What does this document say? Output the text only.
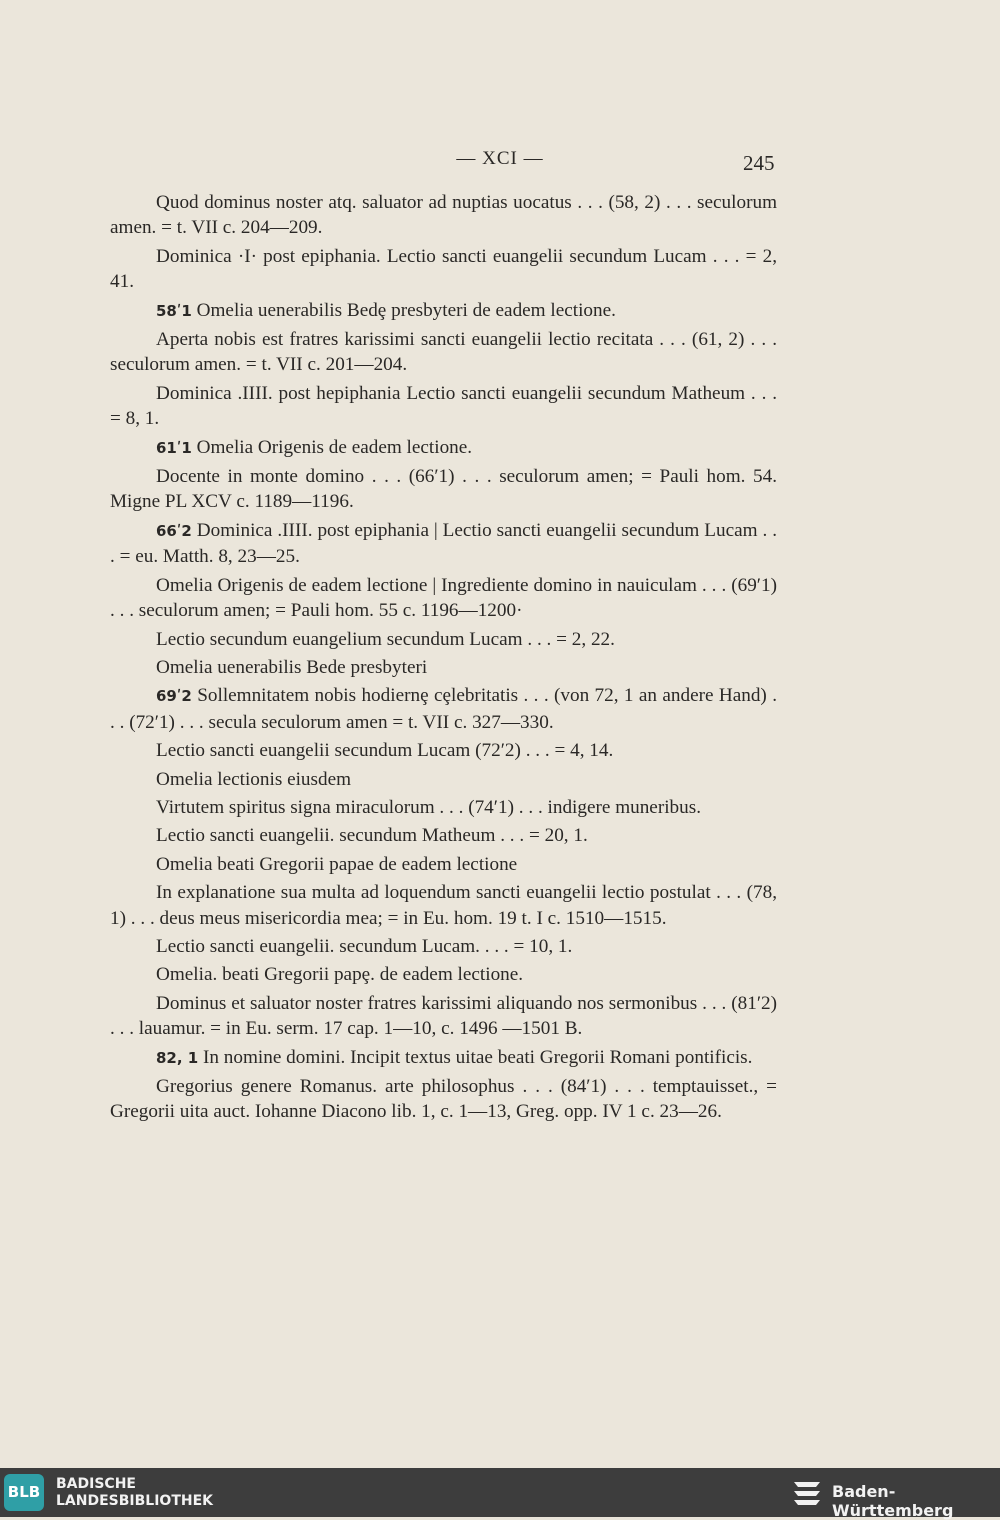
— XCI —	245
Quod dominus noster atq. saluator ad nuptias uocatus . . . (58, 2) . . . seculorum amen. = t. VII c. 204—209.
Dominica ·I· post epiphania. Lectio sancti euangelii secundum Lucam . . . = 2, 41.
58ʹ1 Omelia uenerabilis Bedȩ presbyteri de eadem lectione.
Aperta nobis est fratres karissimi sancti euangelii lectio recitata . . . (61, 2) . . . seculorum amen. = t. VII c. 201—204.
Dominica .IIII. post hepiphania Lectio sancti euangelii secundum Matheum . . . = 8, 1.
61ʹ1 Omelia Origenis de eadem lectione.
Docente in monte domino . . . (66ʹ1) . . . seculorum amen; = Pauli hom. 54. Migne PL XCV c. 1189—1196.
66ʹ2 Dominica .IIII. post epiphania | Lectio sancti euangelii secundum Lucam . . . = eu. Matth. 8, 23—25.
Omelia Origenis de eadem lectione | Ingrediente domino in nauiculam . . . (69ʹ1) . . . seculorum amen; = Pauli hom. 55 c. 1196—1200·
Lectio secundum euangelium secundum Lucam . . . = 2, 22.
Omelia uenerabilis Bede presbyteri
69ʹ2 Sollemnitatem nobis hodiernȩ cȩlebritatis . . . (von 72, 1 an andere Hand) . . . (72ʹ1) . . . secula seculorum amen = t. VII c. 327—330.
Lectio sancti euangelii secundum Lucam (72ʹ2) . . . = 4, 14.
Omelia lectionis eiusdem
Virtutem spiritus signa miraculorum . . . (74ʹ1) . . . indigere muneribus.
Lectio sancti euangelii. secundum Matheum . . . = 20, 1.
Omelia beati Gregorii papae de eadem lectione
In explanatione sua multa ad loquendum sancti euangelii lectio postulat . . . (78, 1) . . . deus meus misericordia mea; = in Eu. hom. 19 t. I c. 1510—1515.
Lectio sancti euangelii. secundum Lucam. . . . = 10, 1.
Omelia. beati Gregorii papȩ. de eadem lectione.
Dominus et saluator noster fratres karissimi aliquando nos sermonibus . . . (81ʹ2) . . . lauamur. = in Eu. serm. 17 cap. 1—10, c. 1496 —1501 B.
82, 1 In nomine domini. Incipit textus uitae beati Gregorii Romani pontificis.
Gregorius genere Romanus. arte philosophus . . . (84ʹ1) . . . temptauisset., = Gregorii uita auct. Iohanne Diacono lib. 1, c. 1—13, Greg. opp. IV 1 c. 23—26.
BLB BADISCHE
LANDESBIBLIOTHEK	Baden-Württemberg
